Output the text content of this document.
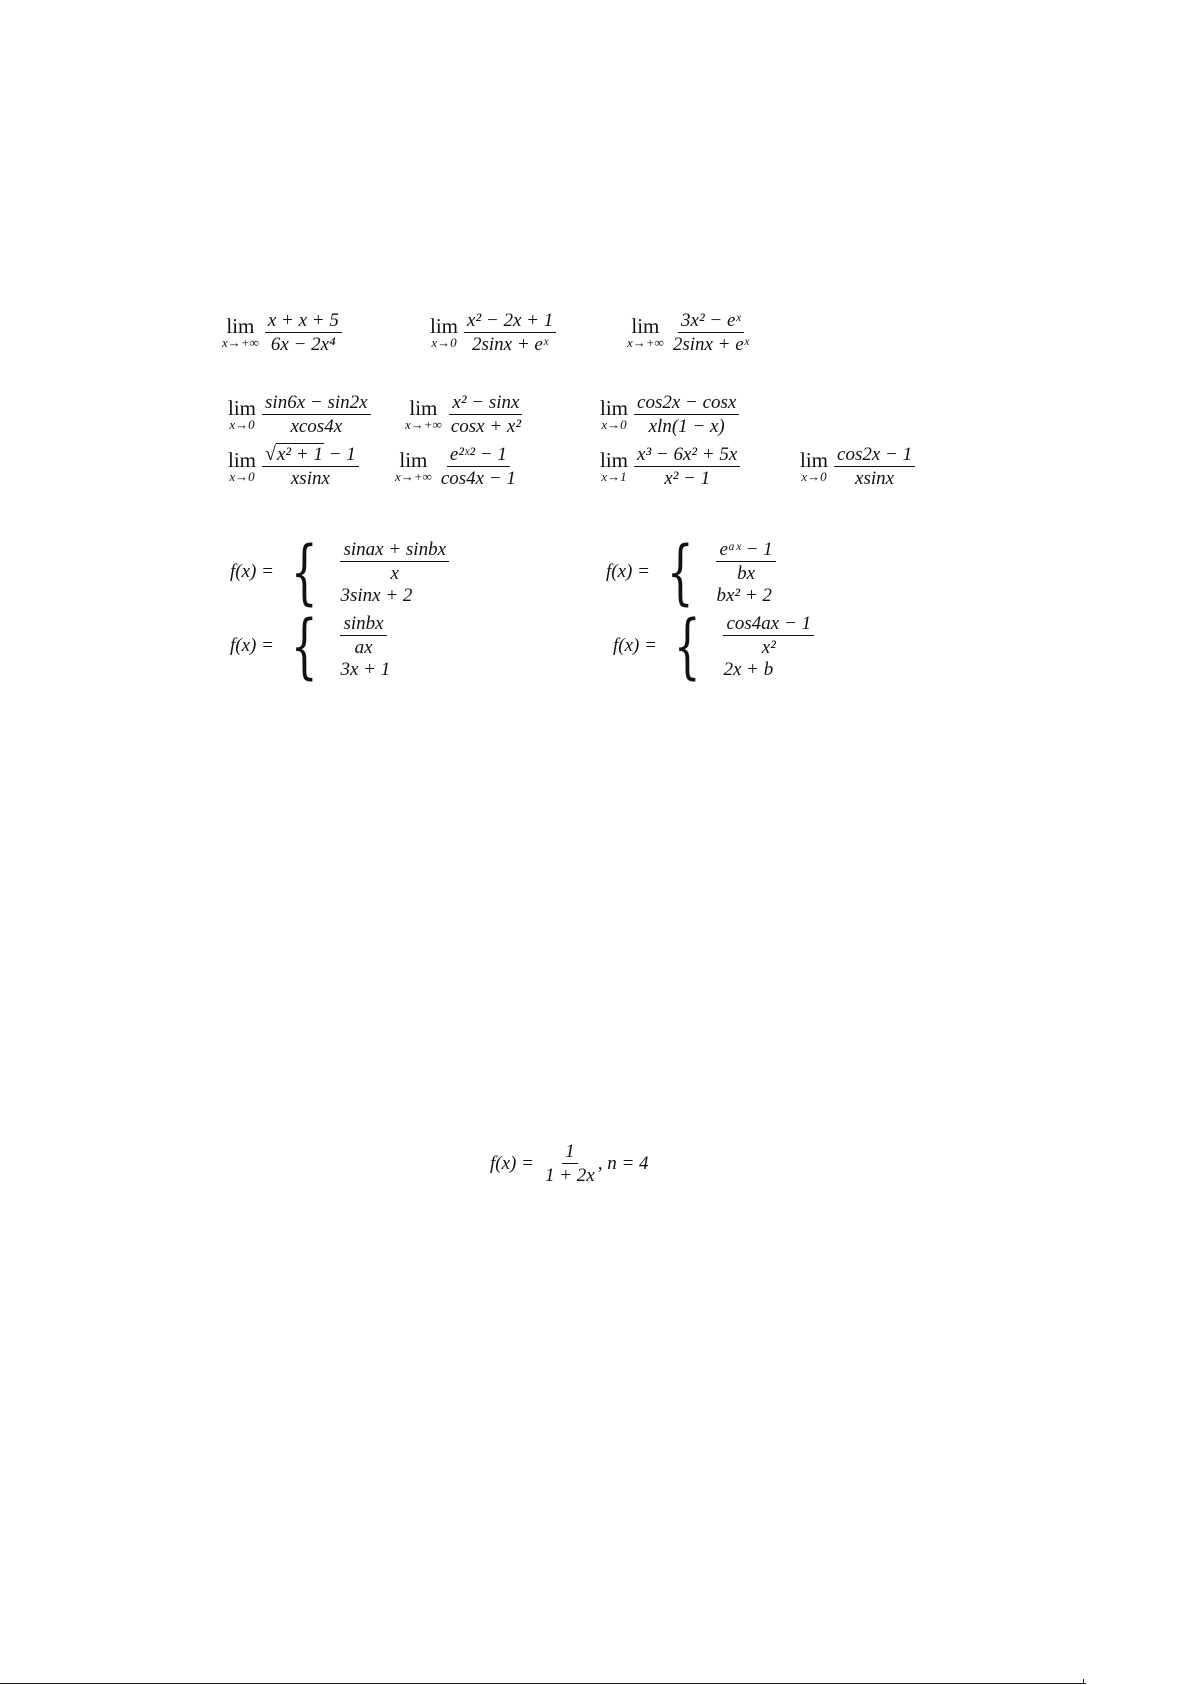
lim
$x\to+\infty \frac{x + x + 5}{\text{6x − 2x⁴}}$	lim
$x\to 0 \frac{\text{x² − 2x + 1}}{\text{2sinx + eˣ}}$	lim
$x\to+\infty \frac{\text{3x² − eˣ}}{\text{2sinx + eˣ}}$
lim
$x\to 0 \frac{\sin 6x - \sin 2x}{xcos4x}$ lim
$x\to+\infty \frac{\text{x² − sinx}}{\text{cosx + x²}}$	lim
$x\to 0 \frac{\cos 2x - \cos x}{xln(1 - x)}$
lim
$x\to 0 \frac{\text{√x² + 1 − 1}}{xsinx}$ lim
$x\to+\infty \frac{\text{e²ˣ² − 1}}{\cos 4x - 1}$	lim
$x\to 1 \frac{\text{x³ − 6x² + 5x}}{\text{x² − 1}}$	lim
$x\to 0 \frac{\cos 2x - 1}{xsinx}$
f(x) = { $\frac{\text{sinax + sinbx}}{x}$
3sinx + 2
f(x) = { $\frac{\text{eᵃˣ − 1}}{bx}$
bx² + 2
f(x) = { $\frac{\text{sinbx}}{ax}$
3x + 1
f(x) = { $\frac{\cos 4ax - 1}{\text{x²}}$
2x + b
$f(x) = \frac{1}{1 + 2x}$ , n = 4
